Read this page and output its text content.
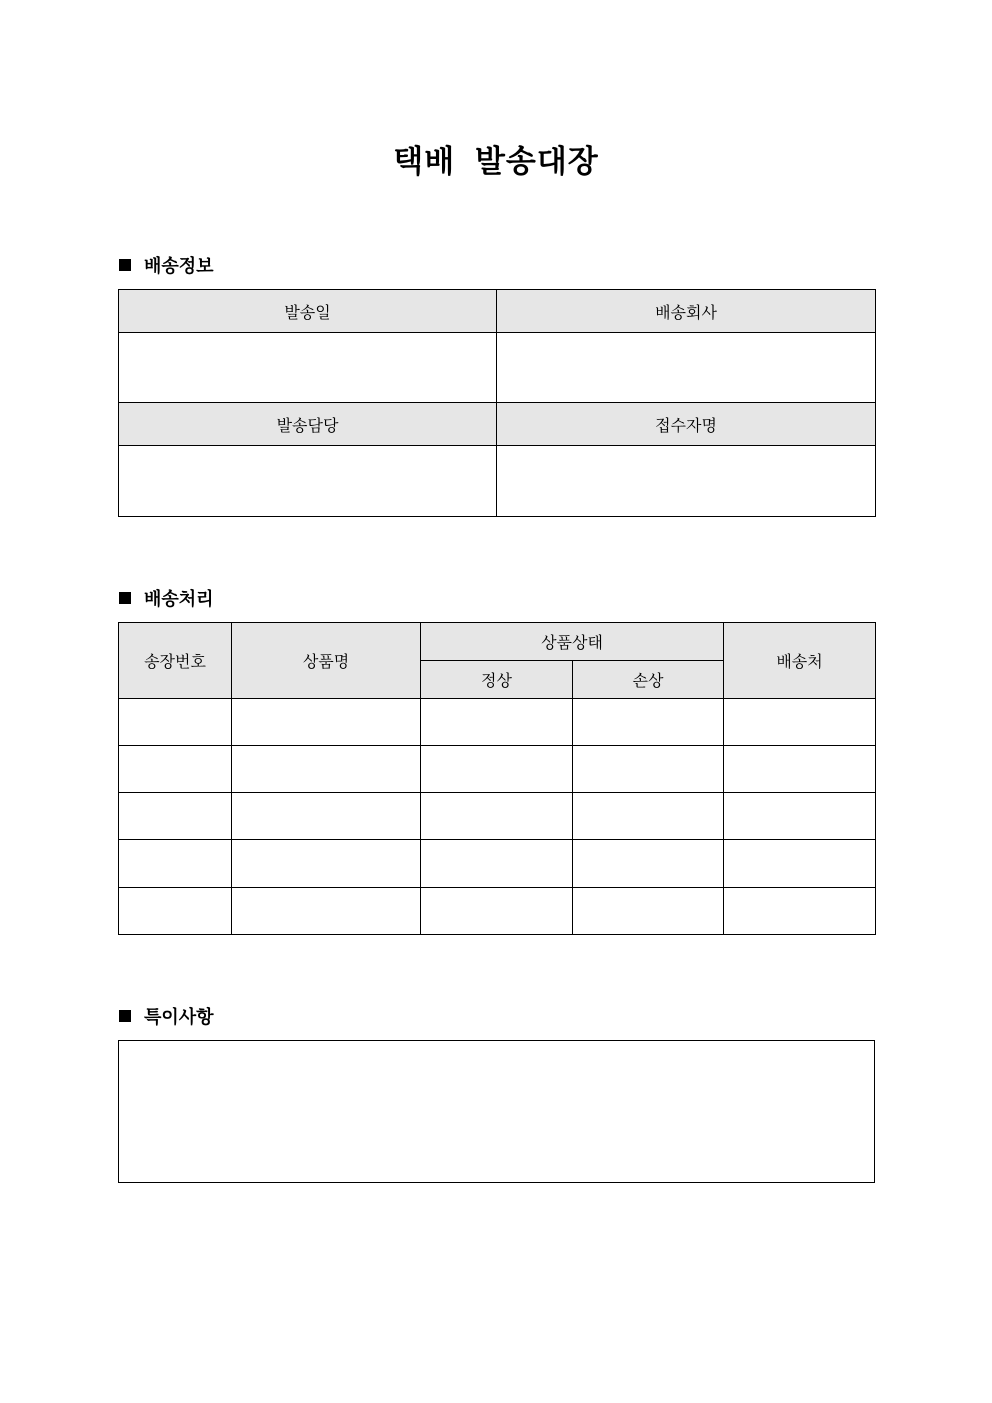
택배 발송대장
배송정보
발송일	배송회사

발송담당	접수자명

배송처리
송장번호	상품명	상품상태		배송처
		정상	손상	

특이사항
